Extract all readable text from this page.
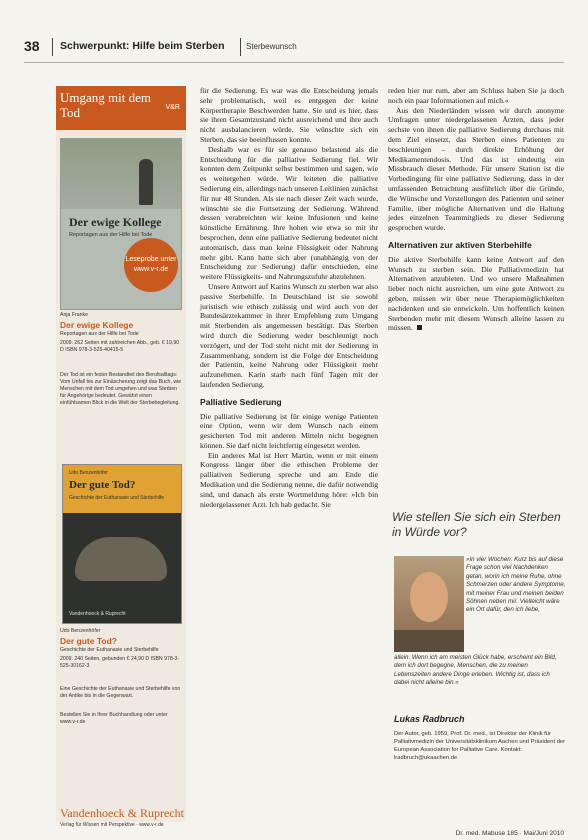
38 Schwerpunkt: Hilfe beim Sterben	Sterbewunsch
Umgang mit dem Tod	V&R
Der ewige Kollege
Reportagen aus der Hilfe bei Tode
Leseprobe unter www.v-r.de
Anja Franke
Der ewige Kollege
Reportagen aus der Hilfe bei Tode
2009. 262 Seiten mit zahlreichen Abb., geb. € 19,90 D ISBN 978-3-525-40415-5
Der Tod ist ein fester Bestandteil des Berufsalltags: Vom Unfall bis zur Einäscherung zeigt das Buch, wie Menschen mit dem Tod umgehen und was Sterben für Angehörige bedeutet. Gewährt einen einfühlsamen Blick in die Welt der Sterbebegleitung.
Udo Benzenhöfer
Der gute Tod?
Geschichte der Euthanasie und Sterbehilfe
Vandenhoeck & Ruprecht
Udo Benzenhöfer
Der gute Tod?
Geschichte der Euthanasie und Sterbehilfe
2009. 240 Seiten, gebunden € 24,90 D ISBN 978-3-525-30162-3
Eine Geschichte der Euthanasie und Sterbehilfe von der Antike bis in die Gegenwart.
Bestellen Sie in Ihrer Buchhandlung oder unter www.v-r.de
Vandenhoeck & Ruprecht
Verlag für Wissen mit Perspektive · www.v-r.de

für die Sedierung. Es war was die Entscheidung jemals sehr problematisch, weil es entgegen der keine Körpertherapie Beschwerden hatte. Sie und es hier, dass sie ihren Gesamtzustand nicht ausreichend und ihre auch nicht ausbalancieren würde. Sie wünschte sich ein Sterben, das sie beeinflussen konnte.

Deshalb war es für sie genauso belastend als die Entscheidung für die palliative Sedierung fiel. Wir konnten dem Zeitpunkt selbst bestimmen und sagen, wie es weitergehen würde. Wir leiteten die palliative Sedierung ein, allerdings nach unseren Leitlinien zunächst für nur 48 Stunden. Als sie nach dieser Zeit wach wurde, wünschte sie die Fortsetzung der Sedierung. Während dessen verabreichten wir keine Infusionen und keine künstliche Ernährung. Ihre hohen wie etwa so mit ihr besprochen, denn eine palliative Sedierung bedeutet nicht automatisch, dass man keine Flüssigkeit oder Nahrung mehr gibt. Kann hatte sich aber (unabhängig von der Entscheidung zur Sedierung) dafür entschieden, eine weitere Flüssigkeits- und Nahrungszufuhr abzulehnen.

Unsere Antwort auf Karins Wunsch zu sterben war also passive Sterbehilfe. In Deutschland ist sie sowohl juristisch wie ethisch zulässig und wird auch von der Bundesärztekammer in ihrer Empfehlung zum Umgang mit Sterbenden als angemessen bestätigt. Das Sterben wird durch die Sedierung weder beschleunigt noch verzögert, und der Tod steht nicht mit der Sedierung in Zusammenhang, sondern ist die Folge der Entscheidung der Patientin, keine Nahrung oder Flüssigkeit mehr aufzunehmen. Karin starb nach fünf Tagen mit der laufenden Sedierung.

Palliative Sedierung

Die palliative Sedierung ist für einige wenige Patienten eine Option, wenn wir dem Wunsch nach einem gesicherten Tod mit anderen Mitteln nicht begegnen können. Sie darf nicht leichtfertig eingesetzt werden.

Ein anderes Mal ist Herr Martin, wenn er mit einem Kongress länger über die ethischen Probleme der palliativen Sedierung spreche und am Ende die Medikation und die Sedierung nenne, die dafür notwendig sind, und danach als erste Wortmeldung höre: »Ich bin niedergelassener Arzt. Ich hab gedacht. Sie

reden hier nur rum, aber am Schluss haben Sie ja doch noch ein paar Informationen auf mich.«

Aus den Niederländen wissen wir durch anonyme Umfragen unter niedergelassenen Ärzten, dass jeder sechste von ihnen die palliative Sedierung durchaus mit dem Ziel einsetzt, das Sterben eines Patienten zu beschleunigen – durch direkte Erhöhung der Medikamentendosis. Und das ist eindeutig ein Missbrauch dieser Methode. Für unsere Station ist die Vorbedingung für eine palliative Sedierung, dass in der umfassenden Betrachtung ausführlich über die Gründe, die Wünsche und Vorstellungen des Patienten und seiner Familie, über mögliche Alternativen und die Haltung jedes einzelnen Teammitglieds zu dieser Sedierung gesprochen wurde.

Alternativen zur aktiven Sterbehilfe

Die aktive Sterbehilfe kann keine Antwort auf den Wunsch zu sterben sein. Die Palliativmedizin hat Alternativen anzubieten. Und wo unsere Maßnahmen lieber noch nicht ausreichen, um eine gute Antwort zu geben, müssen wir über neue Therapiemöglichkeiten nachdenken und sie entwickeln. Um hoffentlich keinen Sterbenden mehr mit diesem Wunsch alleine lassen zu müssen.

Wie stellen Sie sich ein Sterben in Würde vor?
»In vier Wochen: Kurz bis auf diese Frage schon viel Nachdenken getan, worin ich meine Ruhe, ohne Schmerzen oder andere Symptome, mit meiner Frau und meinen beiden Söhnen neben mir. Vielleicht wäre ein Ort dafür, den ich liebe,
allein. Wenn ich am meisten Glück habe, erscheint ein Bild, dem ich dort begegne, Menschen, die zu meinen Lebenszeiten andere Dinge erleben. Wichtig ist, dass ich dabei nicht alleine bin.«
Lukas Radbruch
Der Autor, geb. 1959, Prof. Dr. med., ist Direktor der Klinik für Palliativmedizin der Universitätsklinikum Aachen und Präsident der European Association for Palliative Care. Kontakt: lradbruch@ukaachen.de
Dr. med. Mabuse 185 · Mai/Juni 2010
